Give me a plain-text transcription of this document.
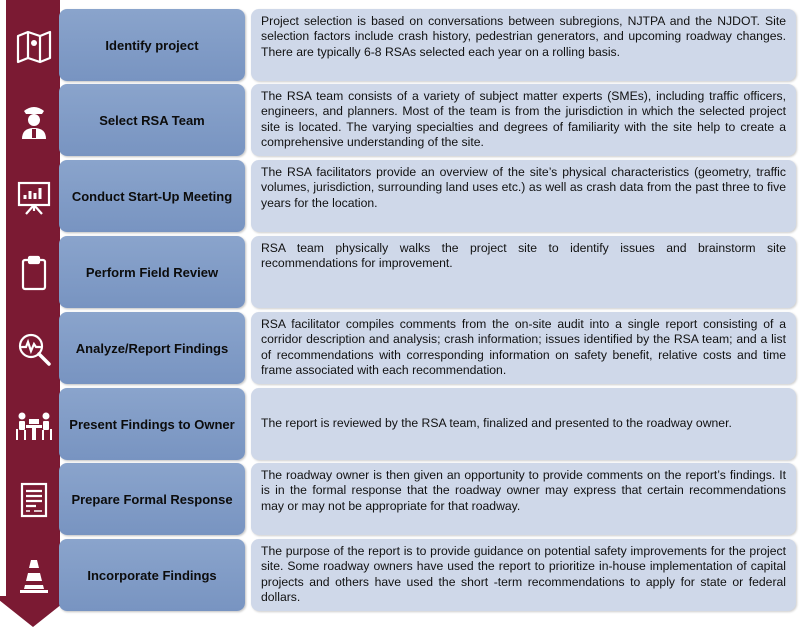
Identify project
Project selection is based on conversations between subregions, NJTPA and the NJDOT. Site selection factors include crash history, pedestrian generators, and upcoming roadway changes. There are typically 6-8 RSAs selected each year on a rolling basis.
Select RSA Team
The RSA team consists of a variety of subject matter experts (SMEs), including traffic officers, engineers, and planners. Most of the team is from the jurisdiction in which the selected project site is located. The varying specialties and degrees of familiarity with the site help to create a comprehensive understanding of the site.
Conduct Start-Up Meeting
The RSA facilitators provide an overview of the site’s physical characteristics (geometry, traffic volumes, jurisdiction, surrounding land uses etc.) as well as crash data from the past three to five years for the location.
Perform Field Review
RSA team physically walks the project site to identify issues and brainstorm site recommendations for improvement.
Analyze/Report Findings
RSA facilitator compiles comments from the on-site audit into a single report consisting of a corridor description and analysis; crash information; issues identified by the RSA team; and a list of recommendations with corresponding information on safety benefit, relative costs and time frame associated with each recommendation.
Present Findings to Owner	The report is reviewed by the RSA team, finalized and presented to the roadway owner.
Prepare Formal Response
The roadway owner is then given an opportunity to provide comments on the report’s findings. It is in the formal response that the roadway owner may express that certain recommendations may or may not be appropriate for that roadway.
Incorporate Findings
The purpose of the report is to provide guidance on potential safety improvements for the project site. Some roadway owners have used the report to prioritize in-house implementation of capital projects and others have used the short -term recommendations to apply for state or federal dollars.
